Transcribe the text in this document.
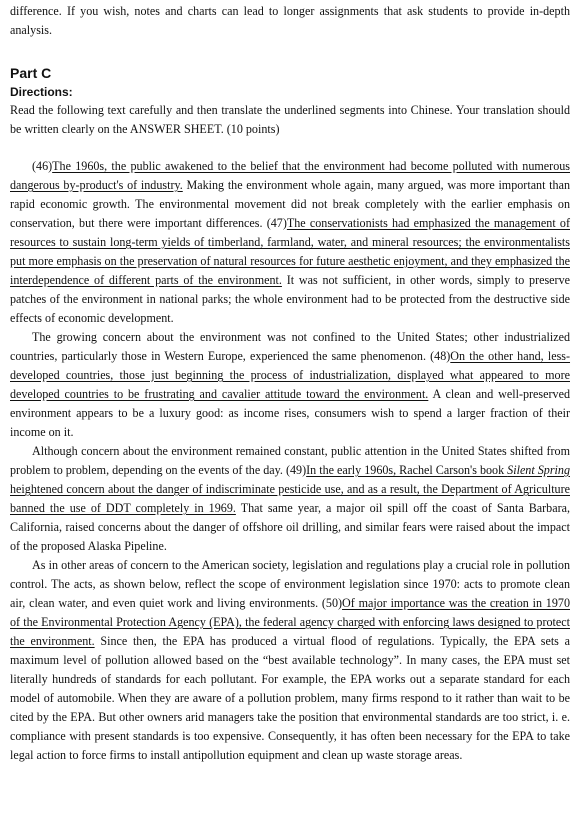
difference. If you wish, notes and charts can lead to longer assignments that ask students to provide in-depth analysis.

Part C
Directions:

Read the following text carefully and then translate the underlined segments into Chinese. Your translation should be written clearly on the ANSWER SHEET. (10 points)

(46)The 1960s, the public awakened to the belief that the environment had become polluted with numerous dangerous by-product's of industry. Making the environment whole again, many argued, was more important than rapid economic growth. The environmental movement did not break completely with the earlier emphasis on conservation, but there were important differences. (47)The conservationists had emphasized the management of resources to sustain long-term yields of timberland, farmland, water, and mineral resources; the environmentalists put more emphasis on the preservation of natural resources for future aesthetic enjoyment, and they emphasized the interdependence of different parts of the environment. It was not sufficient, in other words, simply to preserve patches of the environment in national parks; the whole environment had to be protected from the destructive side effects of economic development.

The growing concern about the environment was not confined to the United States; other industrialized countries, particularly those in Western Europe, experienced the same phenomenon. (48)On the other hand, less-developed countries, those just beginning the process of industrialization, displayed what appeared to more developed countries to be frustrating and cavalier attitude toward the environment. A clean and well-preserved environment appears to be a luxury good: as income rises, consumers wish to spend a larger fraction of their income on it.

Although concern about the environment remained constant, public attention in the United States shifted from problem to problem, depending on the events of the day. (49)In the early 1960s, Rachel Carson's book Silent Spring heightened concern about the danger of indiscriminate pesticide use, and as a result, the Department of Agriculture banned the use of DDT completely in 1969. That same year, a major oil spill off the coast of Santa Barbara, California, raised concerns about the danger of offshore oil drilling, and similar fears were raised about the impact of the proposed Alaska Pipeline.

As in other areas of concern to the American society, legislation and regulations play a crucial role in pollution control. The acts, as shown below, reflect the scope of environment legislation since 1970: acts to promote clean air, clean water, and even quiet work and living environments. (50)Of major importance was the creation in 1970 of the Environmental Protection Agency (EPA), the federal agency charged with enforcing laws designed to protect the environment. Since then, the EPA has produced a virtual flood of regulations. Typically, the EPA sets a maximum level of pollution allowed based on the “best available technology”. In many cases, the EPA must set literally hundreds of standards for each pollutant. For example, the EPA works out a separate standard for each model of automobile. When they are aware of a pollution problem, many firms respond to it rather than wait to be cited by the EPA. But other owners arid managers take the position that environmental standards are too strict, i. e. compliance with present standards is too expensive. Consequently, it has often been necessary for the EPA to take legal action to force firms to install antipollution equipment and clean up waste storage areas.
